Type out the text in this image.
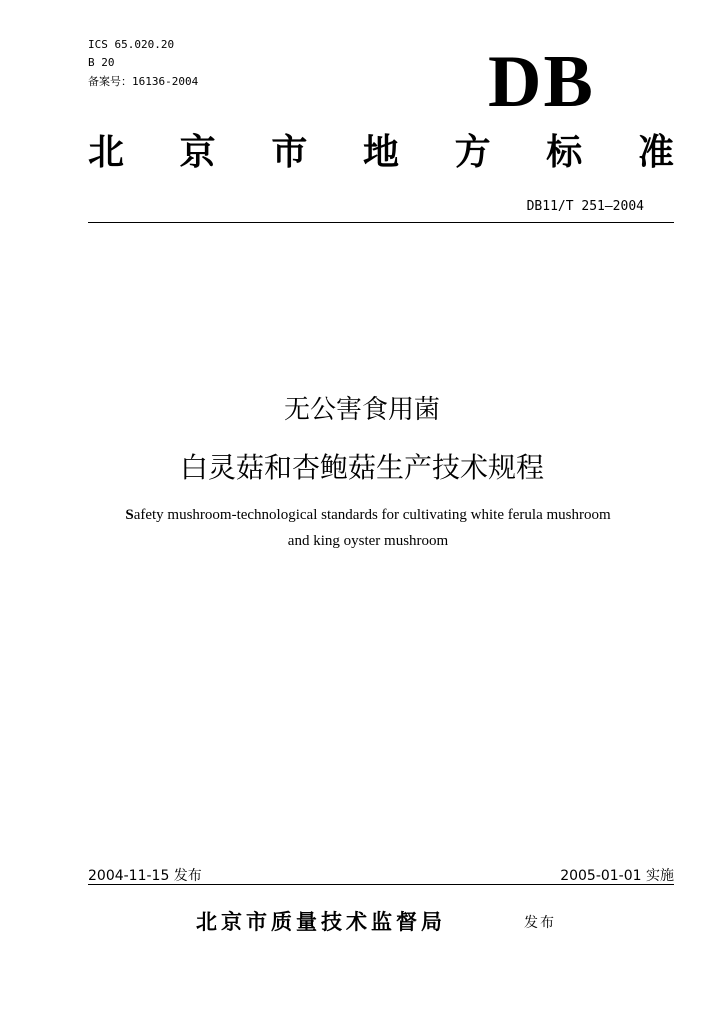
ICS 65.020.20
B 20
备案号：16136-2004	DB
北 京 市 地 方 标 准
DB11/T 251—2004
无公害食用菌
白灵菇和杏鲍菇生产技术规程
Safety mushroom-technological standards for cultivating white ferula mushroom
and king oyster mushroom
2004-11-15 发布	2005-01-01 实施
北京市质量技术监督局	发布
